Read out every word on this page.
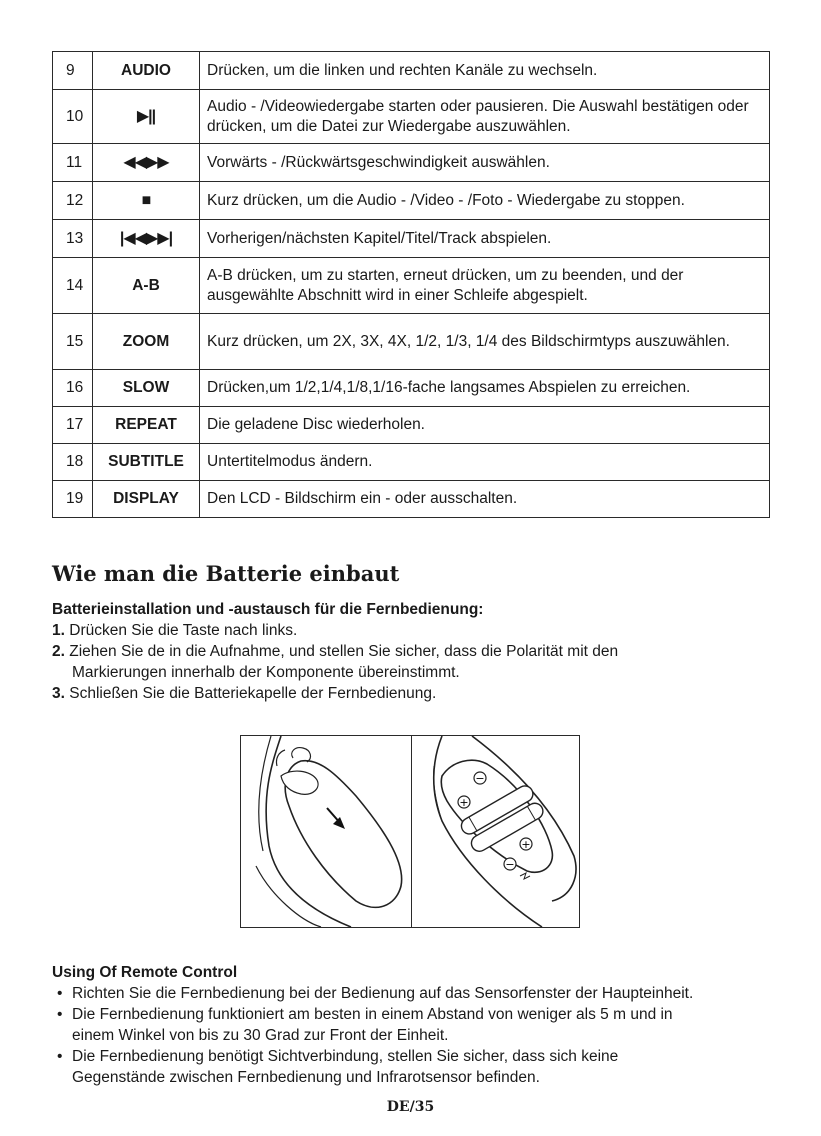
9	AUDIO	Drücken, um die linken und rechten Kanäle zu wechseln.
10	▶||	Audio - /Videowiedergabe starten oder pausieren. Die Auswahl bestätigen oder drücken, um die Datei zur Wiedergabe auszuwählen.
11	◀◀▶▶	Vorwärts - /Rückwärtsgeschwindigkeit auswählen.
12	■	Kurz drücken, um die Audio - /Video - /Foto - Wiedergabe zu stoppen.
13	|◀◀▶▶|	Vorherigen/nächsten Kapitel/Titel/Track abspielen.
14	A-B	A-B drücken, um zu starten, erneut drücken, um zu beenden, und der ausgewählte Abschnitt wird in einer Schleife abgespielt.
15	ZOOM	Kurz drücken, um 2X, 3X, 4X, 1/2, 1/3, 1/4 des Bildschirmtyps auszuwählen.
16	SLOW	Drücken,um 1/2,1/4,1/8,1/16-fache langsames Abspielen zu erreichen.
17	REPEAT	Die geladene Disc wiederholen.
18	SUBTITLE	Untertitelmodus ändern.
19	DISPLAY	Den LCD - Bildschirm ein - oder ausschalten.
Wie man die Batterie einbaut
Batterieinstallation und -austausch für die Fernbedienung:
1. Drücken Sie die Taste nach links.
2. Ziehen Sie de in die Aufnahme, und stellen Sie sicher, dass die Polarität mit den
Markierungen innerhalb der Komponente übereinstimmt.
3. Schließen Sie die Batteriekapelle der Fernbedienung.
+
−
−
+
Using Of Remote Control
• Richten Sie die Fernbedienung bei der Bedienung auf das Sensorfenster der Haupteinheit.
• Die Fernbedienung funktioniert am besten in einem Abstand von weniger als 5 m und in
einem Winkel von bis zu 30 Grad zur Front der Einheit.
• Die Fernbedienung benötigt Sichtverbindung, stellen Sie sicher, dass sich keine
Gegenstände zwischen Fernbedienung und Infrarotsensor befinden.
DE/35
